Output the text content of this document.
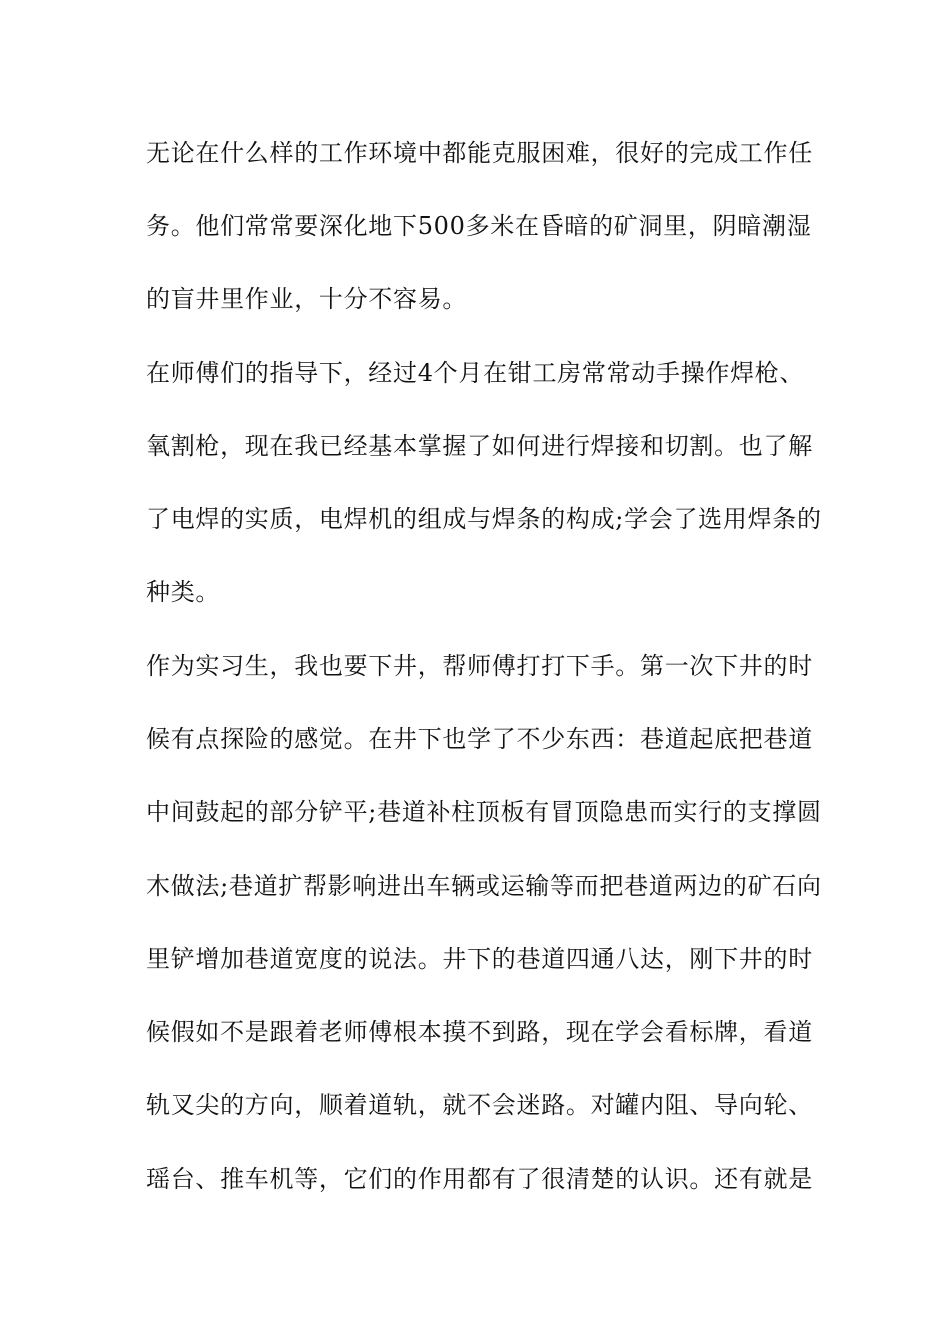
无论在什么样的工作环境中都能克服困难，很好的完成工作任
务。他们常常要深化地下500多米在昏暗的矿洞里，阴暗潮湿
的盲井里作业，十分不容易。
在师傅们的指导下，经过4个月在钳工房常常动手操作焊枪、
氧割枪，现在我已经基本掌握了如何进行焊接和切割。也了解
了电焊的实质，电焊机的组成与焊条的构成;学会了选用焊条的
种类。
作为实习生，我也要下井，帮师傅打打下手。第一次下井的时
候有点探险的感觉。在井下也学了不少东西：巷道起底把巷道
中间鼓起的部分铲平;巷道补柱顶板有冒顶隐患而实行的支撑圆
木做法;巷道扩帮影响进出车辆或运输等而把巷道两边的矿石向
里铲增加巷道宽度的说法。井下的巷道四通八达，刚下井的时
候假如不是跟着老师傅根本摸不到路，现在学会看标牌，看道
轨叉尖的方向，顺着道轨，就不会迷路。对罐内阻、导向轮、
瑶台、推车机等，它们的作用都有了很清楚的认识。还有就是
